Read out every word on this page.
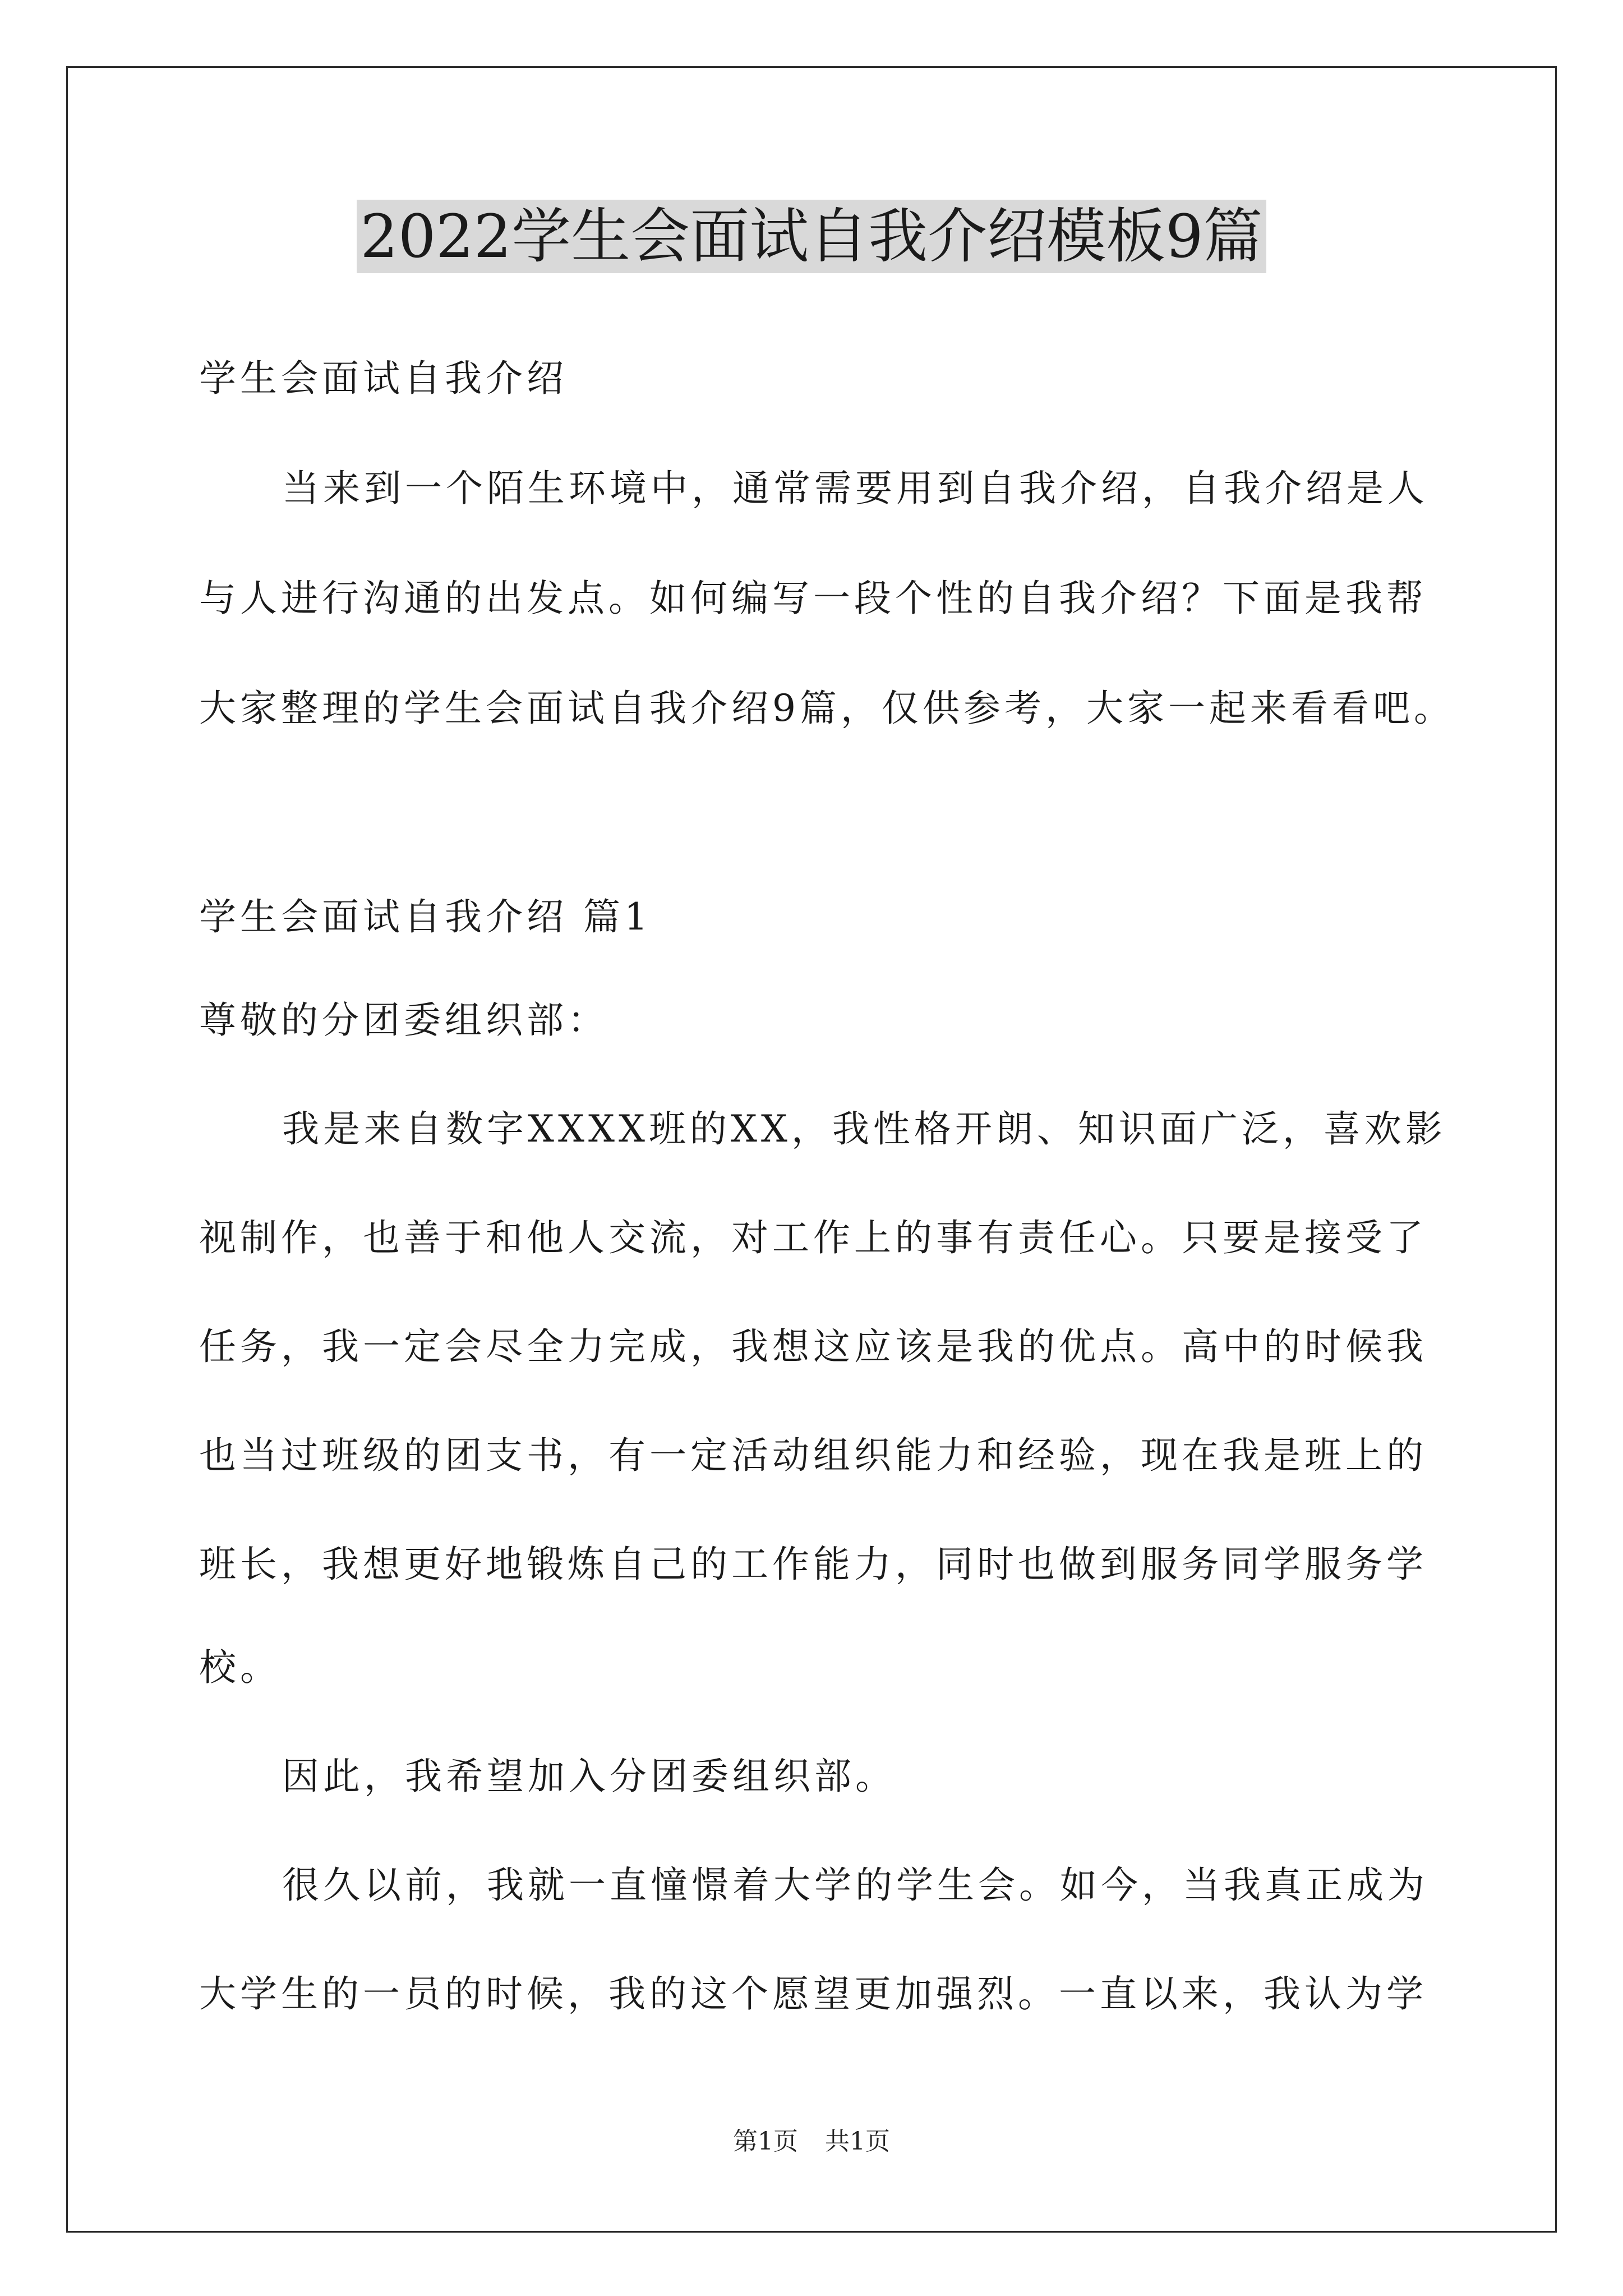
2022学生会面试自我介绍模板9篇
学生会面试自我介绍
当来到一个陌生环境中，通常需要用到自我介绍，自我介绍是人
与人进行沟通的出发点。如何编写一段个性的自我介绍？下面是我帮
大家整理的学生会面试自我介绍9篇，仅供参考，大家一起来看看吧。
学生会面试自我介绍 篇1
尊敬的分团委组织部：
我是来自数字XXXX班的XX，我性格开朗、知识面广泛，喜欢影
视制作，也善于和他人交流，对工作上的事有责任心。只要是接受了
任务，我一定会尽全力完成，我想这应该是我的优点。高中的时候我
也当过班级的团支书，有一定活动组织能力和经验，现在我是班上的
班长，我想更好地锻炼自己的工作能力，同时也做到服务同学服务学
校。
因此，我希望加入分团委组织部。
很久以前，我就一直憧憬着大学的学生会。如今，当我真正成为
大学生的一员的时候，我的这个愿望更加强烈。一直以来，我认为学
第1页 共1页
